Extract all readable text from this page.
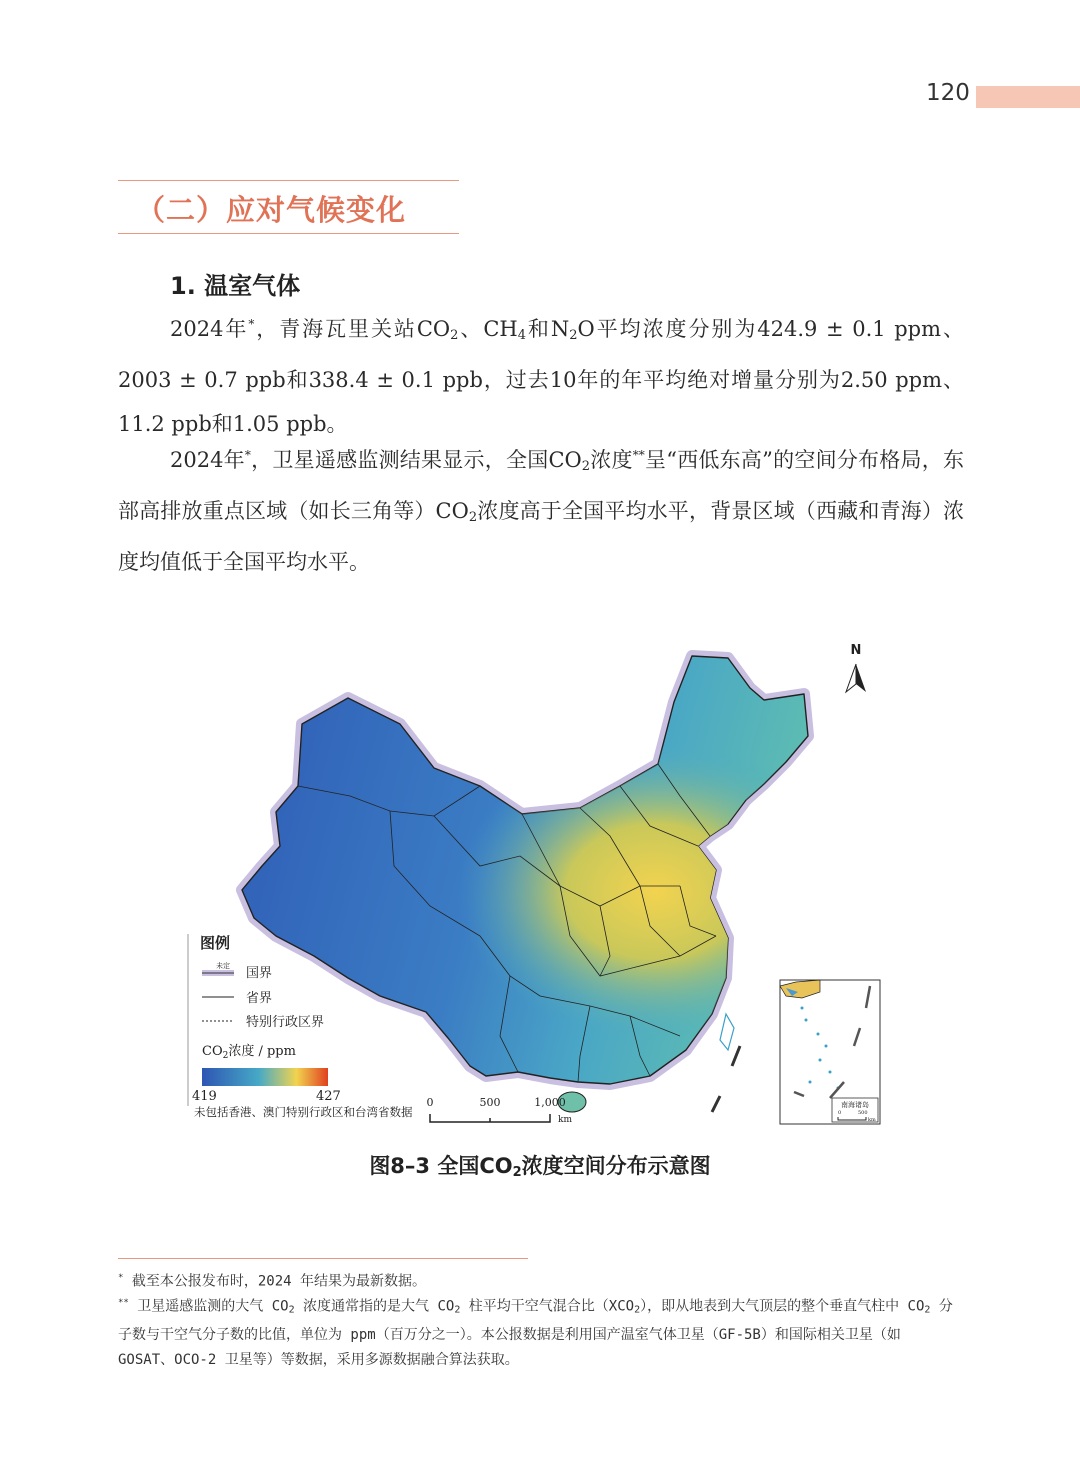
120
（二）应对气候变化
1. 温室气体
2024年*，青海瓦里关站$CO_2$、$CH_4$和$N_2O$平均浓度分别为424.9 ± 0.1 ppm、2003 ± 0.7 ppb和338.4 ± 0.1 ppb，过去10年的年平均绝对增量分别为2.50 ppm、11.2 ppb和1.05 ppb。
2024年*，卫星遥感监测结果显示，全国$CO_2$浓度**呈“西低东高”的空间分布格局，东部高排放重点区域（如长三角等）$CO_2$浓度高于全国平均水平，背景区域（西藏和青海）浓度均值低于全国平均水平。
N
图例
未定 国界
省界
特别行政区界
$CO_2$浓度 / ppm
419	427
未包括香港、澳门特别行政区和台湾省数据
0	500	1,000
km
南海诸岛
0	500
km
图8–3 全国$CO_2$浓度空间分布示意图
* 截至本公报发布时，2024 年结果为最新数据。
** 卫星遥感监测的大气 $CO_2$ 浓度通常指的是大气 $CO_2$ 柱平均干空气混合比$(XCO_2)$，即从地表到大气顶层的整个垂直气柱中 $CO_2$ 分子数与干空气分子数的比值，单位为 ppm（百万分之一）。本公报数据是利用国产温室气体卫星（GF-5B）和国际相关卫星（如 GOSAT、OCO-2 卫星等）等数据，采用多源数据融合算法获取。
